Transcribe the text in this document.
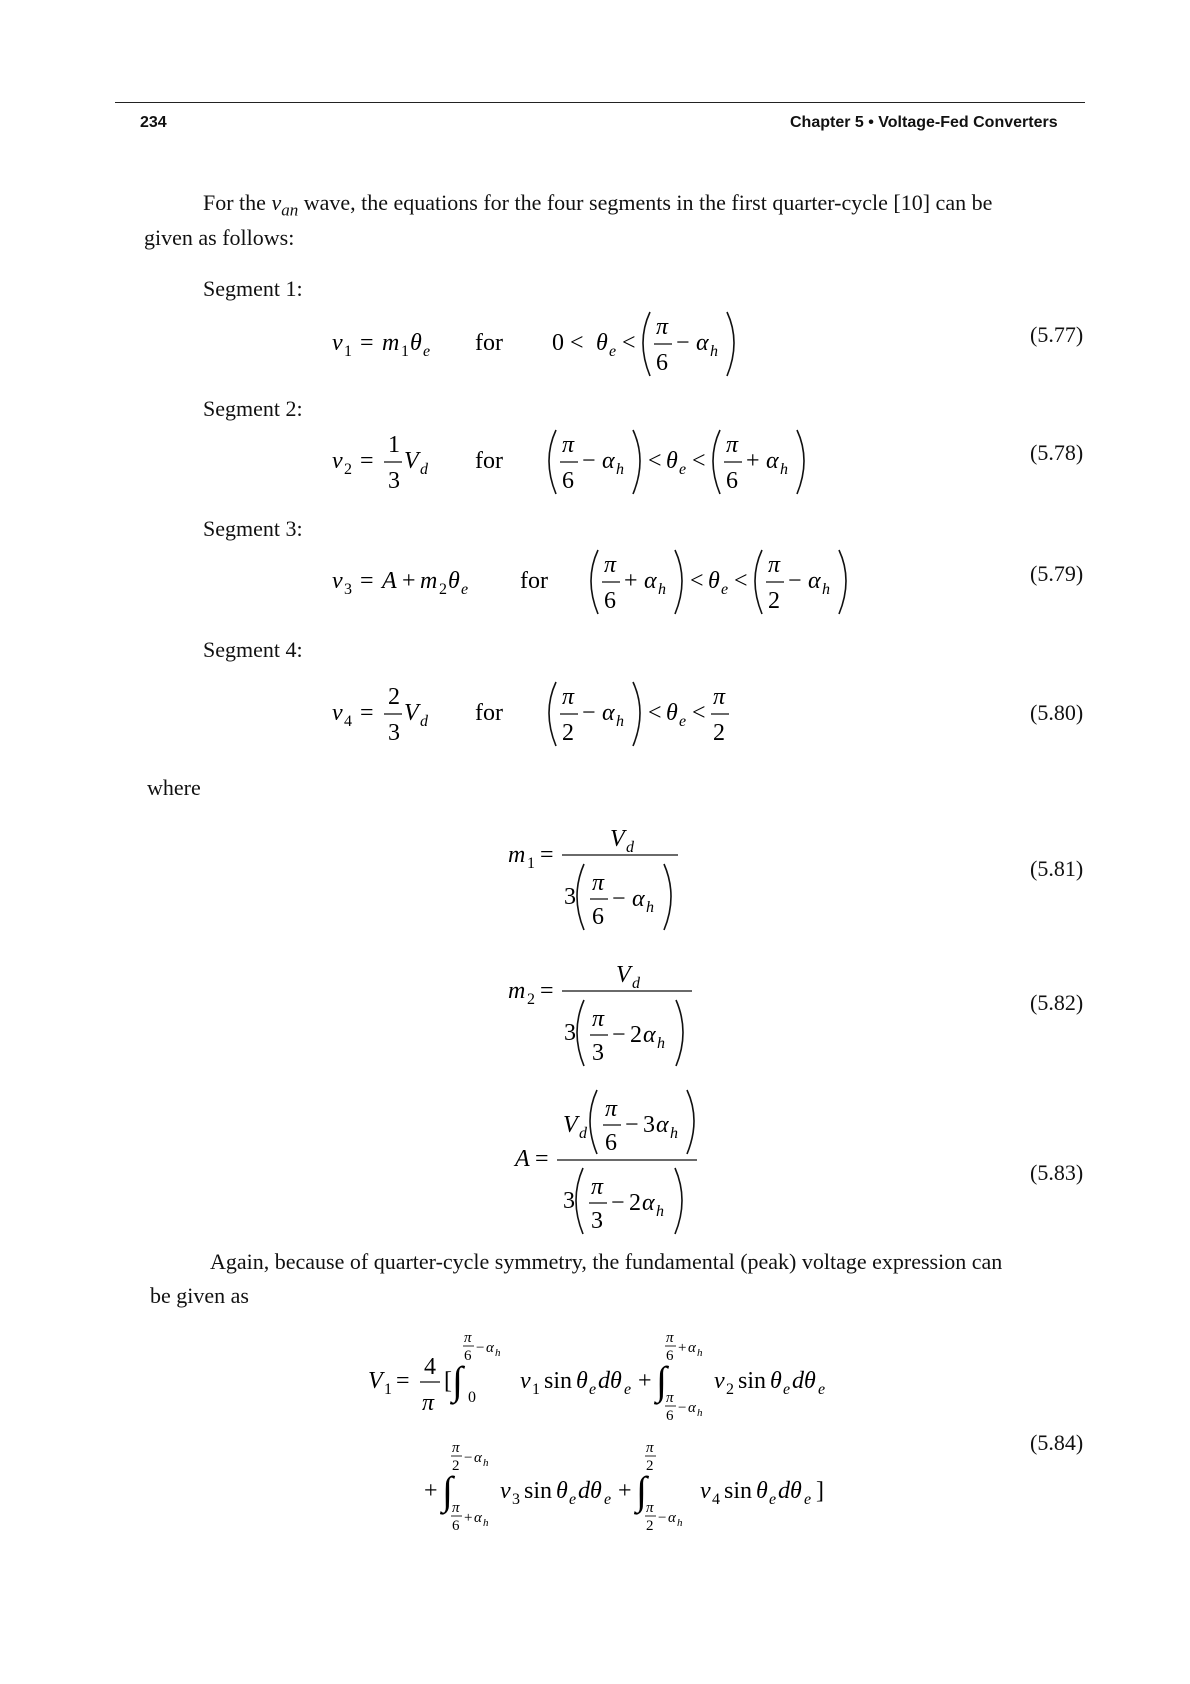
234	Chapter 5 • Voltage-Fed Converters
For the $v_{an}$ wave, the equations for the four segments in the first quarter-cycle [10] can be
given as follows:
Segment 1:
Segment 2:
Segment 3:
Segment 4:
(5.77)
(5.78)
(5.79)
(5.80)
(5.81)
(5.82)
(5.83)
(5.84)
where
Again, because of quarter-cycle symmetry, the fundamental (peak) voltage expression can
be given as
v 1 = m 1 θ e for 0 < θ e <
π
6
− α h
v 2 =
1
3
V d for
π
6
− α h < θ e <
π
6
+ α h
v 3 = A + m 2 θ e for
π
6
+ α h < θ e <
π
2
− α h
v 4 =
2
3
V d for
π
2
− α h < θ e <
π
2
m 1 =
V d
3
π
6
− α h
m 2 =
V d
3
π
3
− 2 α h
A =
V d
π
6
− 3 α h
3
π
3
− 2 α h
V 1 =
4
π
[ ∫ 0
π
6 − α h
v 1 sin θ e dθ e + ∫
π
6 + α h
π
6 − α h
v 2 sin θ e dθ e
+ ∫
π
2 − α h
π
6 + α h
v 3 sin θ e dθ e + ∫
π
2
π
2 − α h
v 4 sin θ e dθ e ]
